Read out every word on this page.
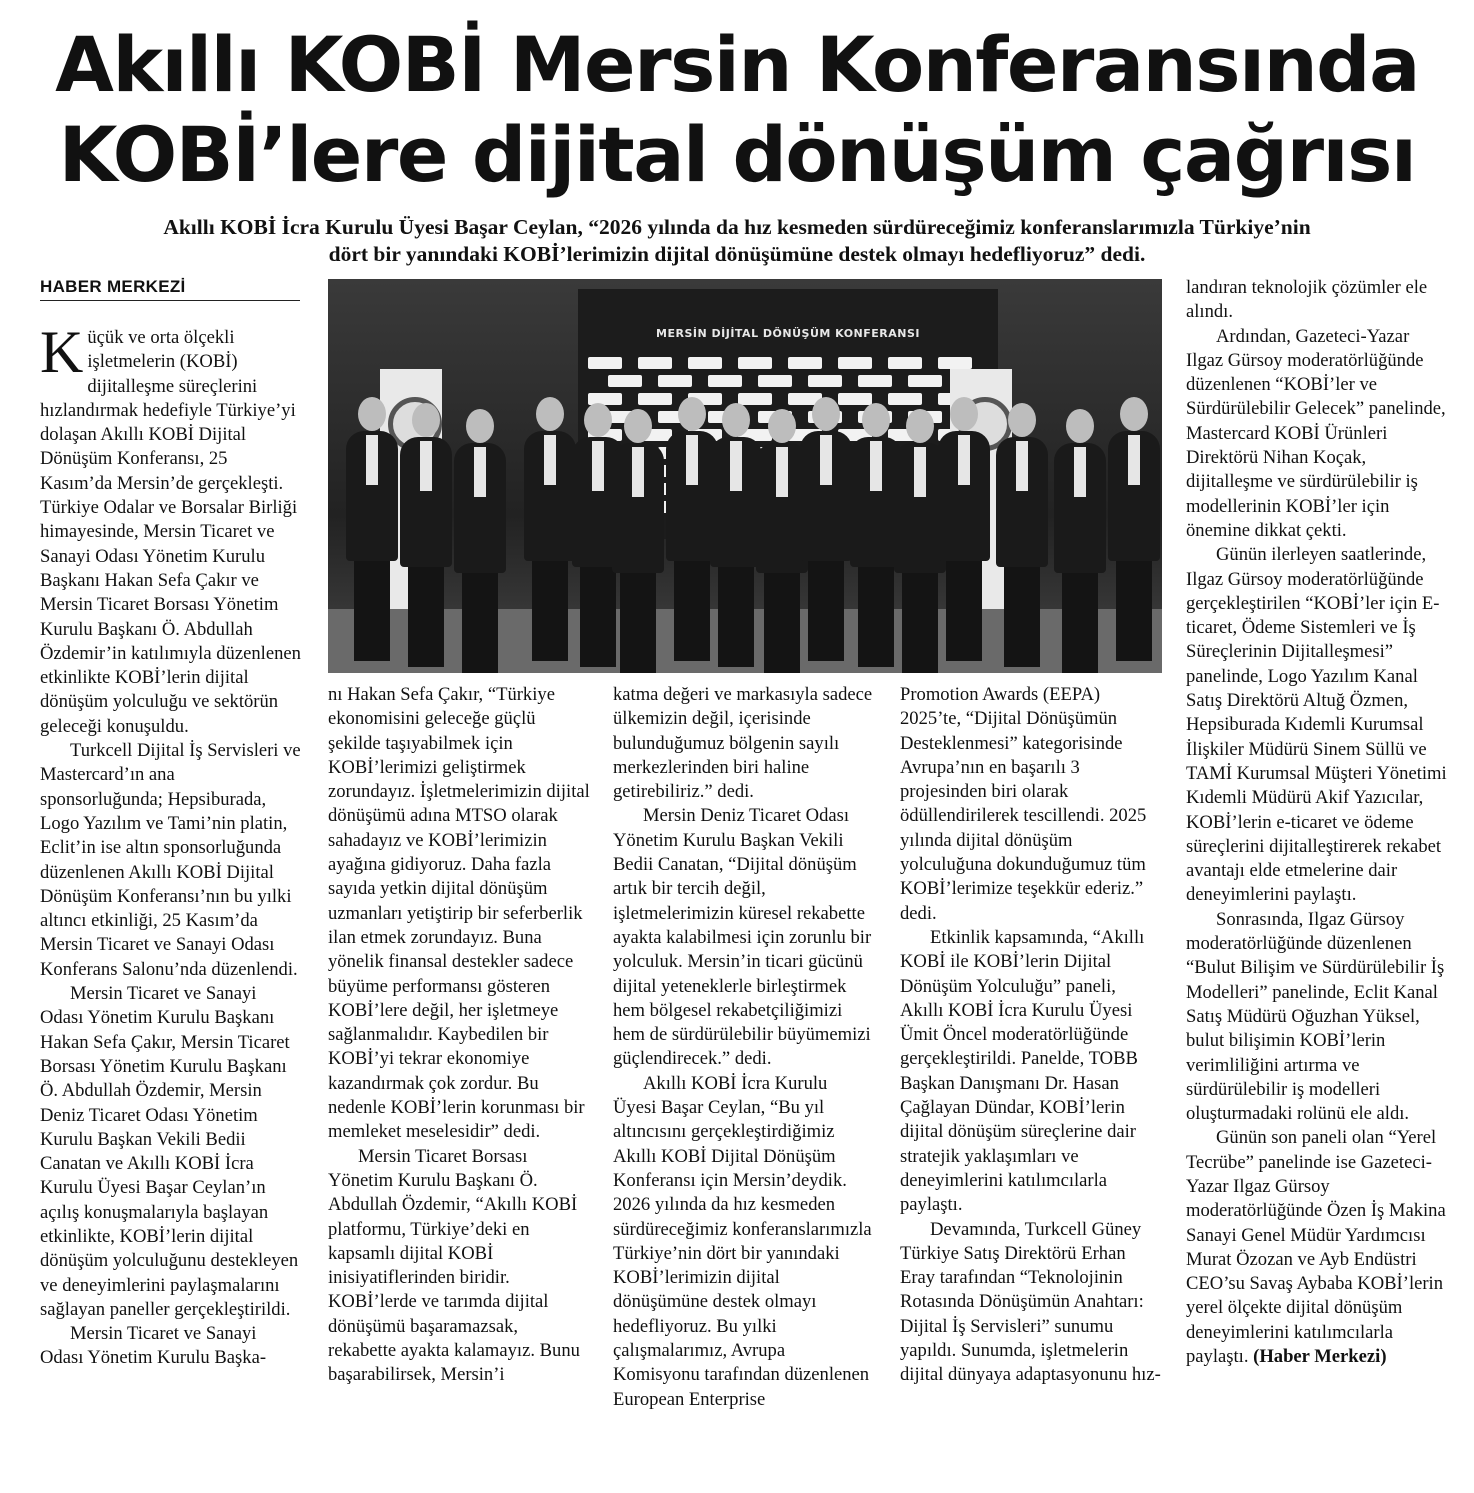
Akıllı KOBİ Mersin Konferansında
KOBİ’lere dijital dönüşüm çağrısı
Akıllı KOBİ İcra Kurulu Üyesi Başar Ceylan, “2026 yılında da hız kesmeden sürdüreceğimiz konferanslarımızla Türkiye’nin
dört bir yanındaki KOBİ’lerimizin dijital dönüşümüne destek olmayı hedefliyoruz” dedi.
HABER MERKEZİ
MERSİN DİJİTAL DÖNÜŞÜM KONFERANSI

Küçük ve orta ölçekli işletmelerin (KOBİ) dijitalleşme süreçlerini hızlandırmak hedefiyle Türkiye’yi dolaşan Akıllı KOBİ Dijital Dönüşüm Konferansı, 25 Kasım’da Mersin’de gerçekleşti. Türkiye Odalar ve Borsalar Birliği himayesinde, Mersin Ticaret ve Sanayi Odası Yönetim Kurulu Başkanı Hakan Sefa Çakır ve Mersin Ticaret Borsası Yönetim Kurulu Başkanı Ö. Abdullah Özdemir’in katılımıyla düzenlenen etkinlikte KOBİ’lerin dijital dönüşüm yolculuğu ve sektörün geleceği konuşuldu.

Turkcell Dijital İş Servisleri ve Mastercard’ın ana sponsorluğunda; Hepsiburada, Logo Yazılım ve Tami’nin platin, Eclit’in ise altın sponsorluğunda düzenlenen Akıllı KOBİ Dijital Dönüşüm Konferansı’nın bu yılki altıncı etkinliği, 25 Kasım’da Mersin Ticaret ve Sanayi Odası Konferans Salonu’nda düzenlendi.

Mersin Ticaret ve Sanayi Odası Yönetim Kurulu Başkanı Hakan Sefa Çakır, Mersin Ticaret Borsası Yönetim Kurulu Başkanı Ö. Abdullah Özdemir, Mersin Deniz Ticaret Odası Yönetim Kurulu Başkan Vekili Bedii Canatan ve Akıllı KOBİ İcra Kurulu Üyesi Başar Ceylan’ın açılış konuşmalarıyla başlayan etkinlikte, KOBİ’lerin dijital dönüşüm yolculuğunu destekleyen ve deneyimlerini paylaşmalarını sağlayan paneller gerçekleştirildi.

Mersin Ticaret ve Sanayi Odası Yönetim Kurulu Başka-

nı Hakan Sefa Çakır, “Türkiye ekonomisini geleceğe güçlü şekilde taşıyabilmek için KOBİ’lerimizi geliştirmek zorundayız. İşletmelerimizin dijital dönüşümü adına MTSO olarak sahadayız ve KOBİ’lerimizin ayağına gidiyoruz. Daha fazla sayıda yetkin dijital dönüşüm uzmanları yetiştirip bir seferberlik ilan etmek zorundayız. Buna yönelik finansal destekler sadece büyüme performansı gösteren KOBİ’lere değil, her işletmeye sağlanmalıdır. Kaybedilen bir KOBİ’yi tekrar ekonomiye kazandırmak çok zordur. Bu nedenle KOBİ’lerin korunması bir memleket meselesidir” dedi.

Mersin Ticaret Borsası Yönetim Kurulu Başkanı Ö. Abdullah Özdemir, “Akıllı KOBİ platformu, Türkiye’deki en kapsamlı dijital KOBİ inisiyatiflerinden biridir. KOBİ’lerde ve tarımda dijital dönüşümü başaramazsak, rekabette ayakta kalamayız. Bunu başarabilirsek, Mersin’i

katma değeri ve markasıyla sadece ülkemizin değil, içerisinde bulunduğumuz bölgenin sayılı merkezlerinden biri haline getirebiliriz.” dedi.

Mersin Deniz Ticaret Odası Yönetim Kurulu Başkan Vekili Bedii Canatan, “Dijital dönüşüm artık bir tercih değil, işletmelerimizin küresel rekabette ayakta kalabilmesi için zorunlu bir yolculuk. Mersin’in ticari gücünü dijital yeteneklerle birleştirmek hem bölgesel rekabetçiliğimizi hem de sürdürülebilir büyümemizi güçlendirecek.” dedi.

Akıllı KOBİ İcra Kurulu Üyesi Başar Ceylan, “Bu yıl altıncısını gerçekleştirdiğimiz Akıllı KOBİ Dijital Dönüşüm Konferansı için Mersin’deydik. 2026 yılında da hız kesmeden sürdüreceğimiz konferanslarımızla Türkiye’nin dört bir yanındaki KOBİ’lerimizin dijital dönüşümüne destek olmayı hedefliyoruz. Bu yılki çalışmalarımız, Avrupa Komisyonu tarafından düzenlenen European Enterprise

Promotion Awards (EEPA) 2025’te, “Dijital Dönüşümün Desteklenmesi” kategorisinde Avrupa’nın en başarılı 3 projesinden biri olarak ödüllendirilerek tescillendi. 2025 yılında dijital dönüşüm yolculuğuna dokunduğumuz tüm KOBİ’lerimize teşekkür ederiz.” dedi.

Etkinlik kapsamında, “Akıllı KOBİ ile KOBİ’lerin Dijital Dönüşüm Yolculuğu” paneli, Akıllı KOBİ İcra Kurulu Üyesi Ümit Öncel moderatörlüğünde gerçekleştirildi. Panelde, TOBB Başkan Danışmanı Dr. Hasan Çağlayan Dündar, KOBİ’lerin dijital dönüşüm süreçlerine dair stratejik yaklaşımları ve deneyimlerini katılımcılarla paylaştı.

Devamında, Turkcell Güney Türkiye Satış Direktörü Erhan Eray tarafından “Teknolojinin Rotasında Dönüşümün Anahtarı: Dijital İş Servisleri” sunumu yapıldı. Sunumda, işletmelerin dijital dünyaya adaptasyonunu hız-

landıran teknolojik çözümler ele alındı.

Ardından, Gazeteci-Yazar Ilgaz Gürsoy moderatörlüğünde düzenlenen “KOBİ’ler ve Sürdürülebilir Gelecek” panelinde, Mastercard KOBİ Ürünleri Direktörü Nihan Koçak, dijitalleşme ve sürdürülebilir iş modellerinin KOBİ’ler için önemine dikkat çekti.

Günün ilerleyen saatlerinde, Ilgaz Gürsoy moderatörlüğünde gerçekleştirilen “KOBİ’ler için E-ticaret, Ödeme Sistemleri ve İş Süreçlerinin Dijitalleşmesi” panelinde, Logo Yazılım Kanal Satış Direktörü Altuğ Özmen, Hepsiburada Kıdemli Kurumsal İlişkiler Müdürü Sinem Süllü ve TAMİ Kurumsal Müşteri Yönetimi Kıdemli Müdürü Akif Yazıcılar, KOBİ’lerin e-ticaret ve ödeme süreçlerini dijitalleştirerek rekabet avantajı elde etmelerine dair deneyimlerini paylaştı.

Sonrasında, Ilgaz Gürsoy moderatörlüğünde düzenlenen “Bulut Bilişim ve Sürdürülebilir İş Modelleri” panelinde, Eclit Kanal Satış Müdürü Oğuzhan Yüksel, bulut bilişimin KOBİ’lerin verimliliğini artırma ve sürdürülebilir iş modelleri oluşturmadaki rolünü ele aldı.

Günün son paneli olan “Yerel Tecrübe” panelinde ise Gazeteci-Yazar Ilgaz Gürsoy moderatörlüğünde Özen İş Makina Sanayi Genel Müdür Yardımcısı Murat Özozan ve Ayb Endüstri CEO’su Savaş Aybaba KOBİ’lerin yerel ölçekte dijital dönüşüm deneyimlerini katılımcılarla paylaştı. (Haber Merkezi)
